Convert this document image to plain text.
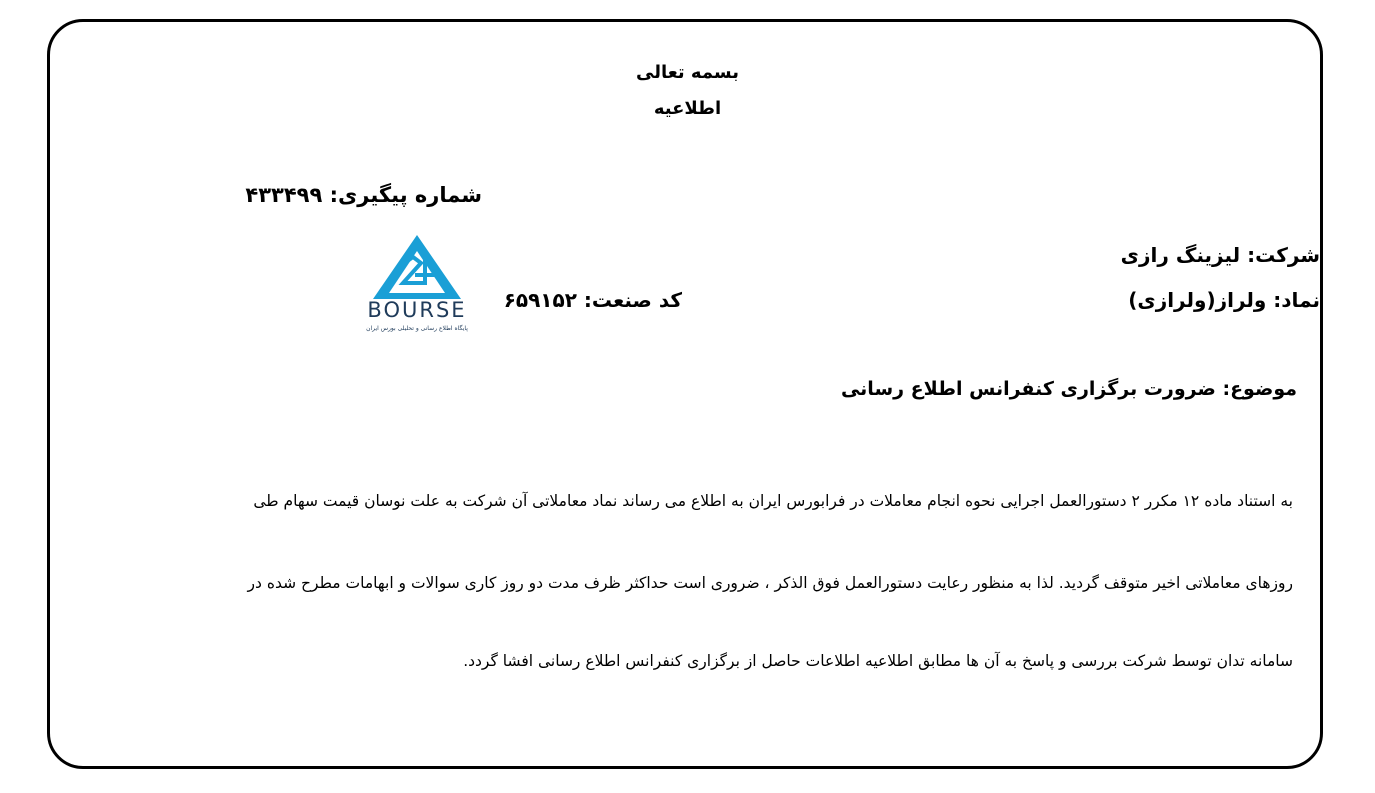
بسمه تعالی
اطلاعیه
شماره پیگیری: ۴۳۳۴۹۹
BOURSE
پایگاه اطلاع رسانی و تحلیلی بورس ایران
شرکت: لیزینگ رازی
نماد: ولراز(ولرازی)
کد صنعت: ۶۵۹۱۵۲
موضوع: ضرورت برگزاری کنفرانس اطلاع رسانی
به استناد ماده ۱۲ مکرر ۲ دستورالعمل اجرایی نحوه انجام معاملات در فرابورس ایران به اطلاع می رساند نماد معاملاتی آن شرکت به علت نوسان قیمت سهام طی
روزهای معاملاتی اخیر متوقف گردید. لذا به منظور رعایت دستورالعمل فوق الذکر ، ضروری است حداکثر ظرف مدت دو روز کاری سوالات و ابهامات مطرح شده در
سامانه تدان توسط شرکت بررسی و پاسخ به آن ها مطابق اطلاعیه اطلاعات حاصل از برگزاری کنفرانس اطلاع رسانی افشا گردد.
